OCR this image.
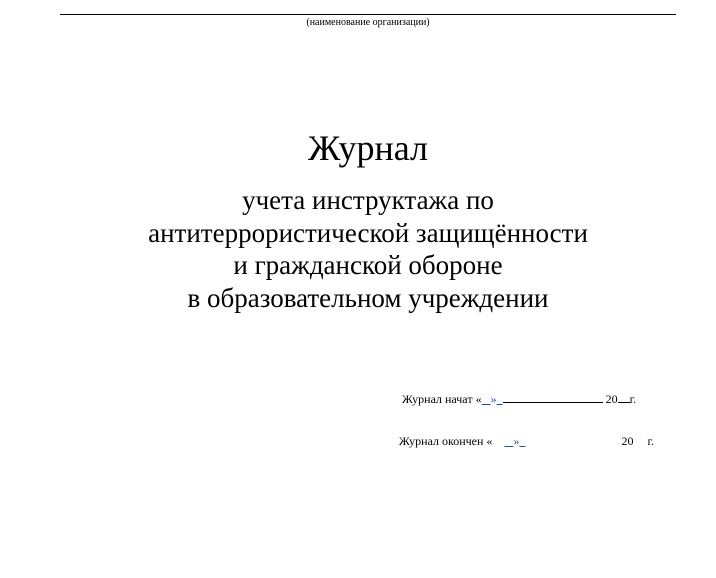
(наименование организации)
Журнал
учета инструктажа по
антитеррористической защищённости
и гражданской обороне
в образовательном учреждении
Журнал начат « »	20 г.
Журнал окончен « »	20 г.
